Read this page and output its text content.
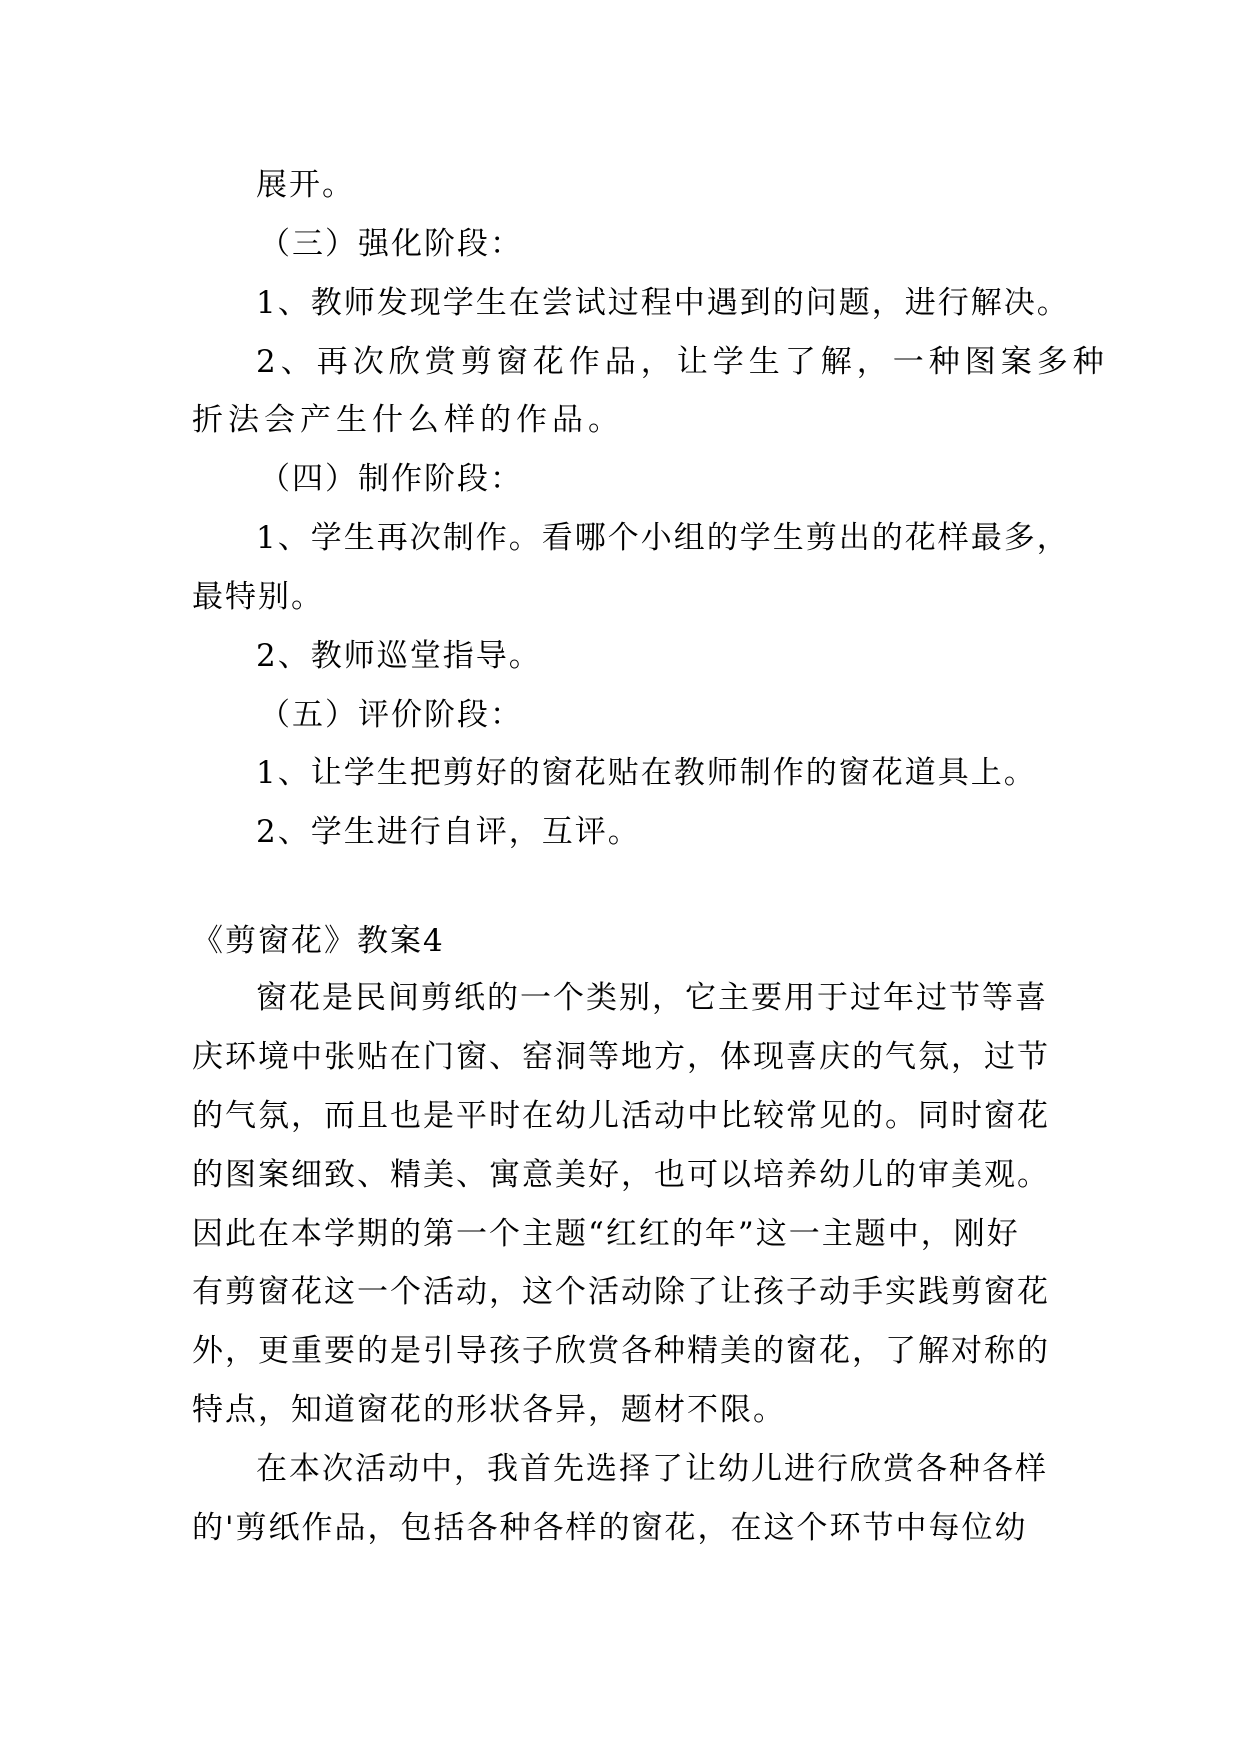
展开。
（三）强化阶段：
1、教师发现学生在尝试过程中遇到的问题，进行解决。
2、再次欣赏剪窗花作品，让学生了解，一种图案多种
折法会产生什么样的作品。
（四）制作阶段：
1、学生再次制作。看哪个小组的学生剪出的花样最多，
最特别。
2、教师巡堂指导。
（五）评价阶段：
1、让学生把剪好的窗花贴在教师制作的窗花道具上。
2、学生进行自评，互评。
《剪窗花》教案4
窗花是民间剪纸的一个类别，它主要用于过年过节等喜
庆环境中张贴在门窗、窑洞等地方，体现喜庆的气氛，过节
的气氛，而且也是平时在幼儿活动中比较常见的。同时窗花
的图案细致、精美、寓意美好，也可以培养幼儿的审美观。
因此在本学期的第一个主题“红红的年”这一主题中，刚好
有剪窗花这一个活动，这个活动除了让孩子动手实践剪窗花
外，更重要的是引导孩子欣赏各种精美的窗花，了解对称的
特点，知道窗花的形状各异，题材不限。
在本次活动中，我首先选择了让幼儿进行欣赏各种各样
的'剪纸作品，包括各种各样的窗花，在这个环节中每位幼
